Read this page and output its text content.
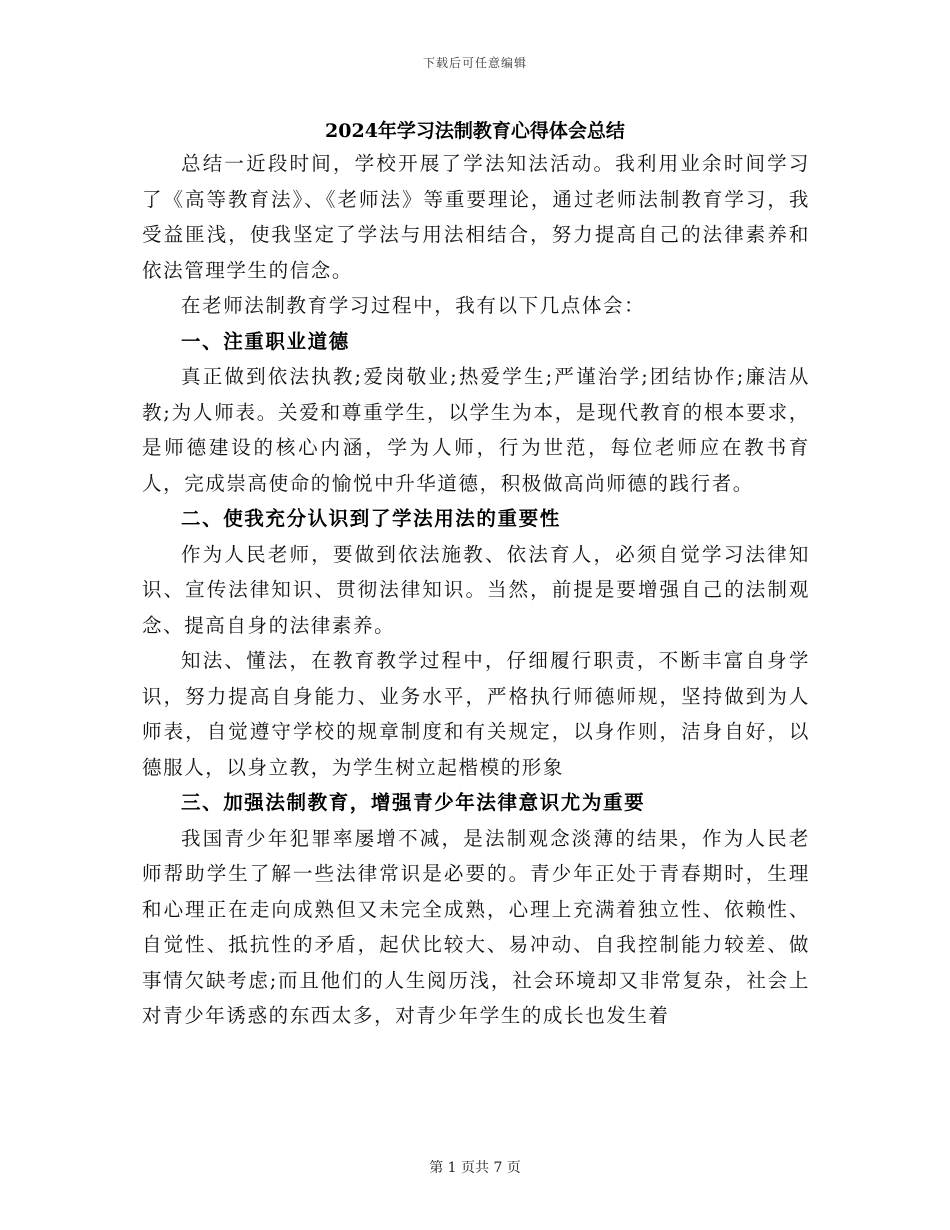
下载后可任意编辑
2024年学习法制教育心得体会总结

总结一近段时间，学校开展了学法知法活动。我利用业余时间学习了《高等教育法》、《老师法》等重要理论，通过老师法制教育学习，我受益匪浅，使我坚定了学法与用法相结合，努力提高自己的法律素养和依法管理学生的信念。

在老师法制教育学习过程中，我有以下几点体会：

一、注重职业道德

真正做到依法执教;爱岗敬业;热爱学生;严谨治学;团结协作;廉洁从教;为人师表。关爱和尊重学生，以学生为本，是现代教育的根本要求，是师德建设的核心内涵，学为人师，行为世范，每位老师应在教书育人，完成崇高使命的愉悦中升华道德，积极做高尚师德的践行者。

二、使我充分认识到了学法用法的重要性

作为人民老师，要做到依法施教、依法育人，必须自觉学习法律知识、宣传法律知识、贯彻法律知识。当然，前提是要增强自己的法制观念、提高自身的法律素养。

知法、懂法，在教育教学过程中，仔细履行职责，不断丰富自身学识，努力提高自身能力、业务水平，严格执行师德师规，坚持做到为人师表，自觉遵守学校的规章制度和有关规定，以身作则，洁身自好，以德服人，以身立教，为学生树立起楷模的形象

三、加强法制教育，增强青少年法律意识尤为重要

我国青少年犯罪率屡增不减，是法制观念淡薄的结果，作为人民老师帮助学生了解一些法律常识是必要的。青少年正处于青春期时，生理和心理正在走向成熟但又未完全成熟，心理上充满着独立性、依赖性、自觉性、抵抗性的矛盾，起伏比较大、易冲动、自我控制能力较差、做事情欠缺考虑;而且他们的人生阅历浅，社会环境却又非常复杂，社会上对青少年诱惑的东西太多，对青少年学生的成长也发生着

第 1 页共 7 页
